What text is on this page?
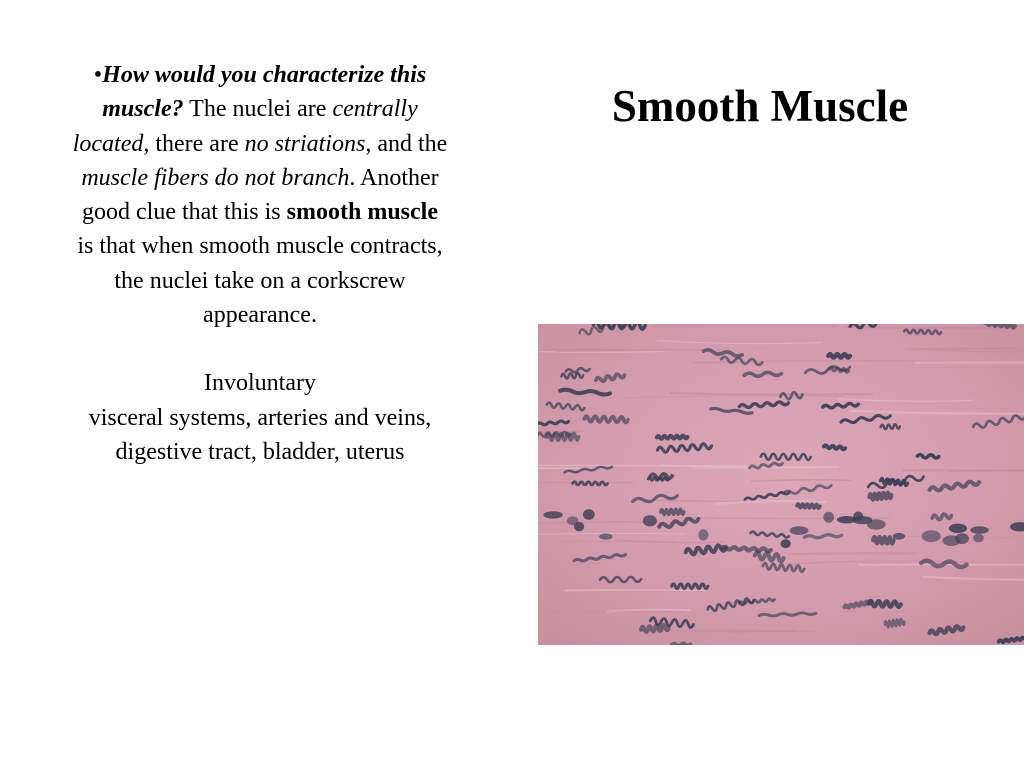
Smooth Muscle

•How would you characterize this muscle? The nuclei are centrally located, there are no striations, and the muscle fibers do not branch. Another good clue that this is smooth muscle is that when smooth muscle contracts, the nuclei take on a corkscrew appearance.

Involuntary

visceral systems, arteries and veins, digestive tract, bladder, uterus
